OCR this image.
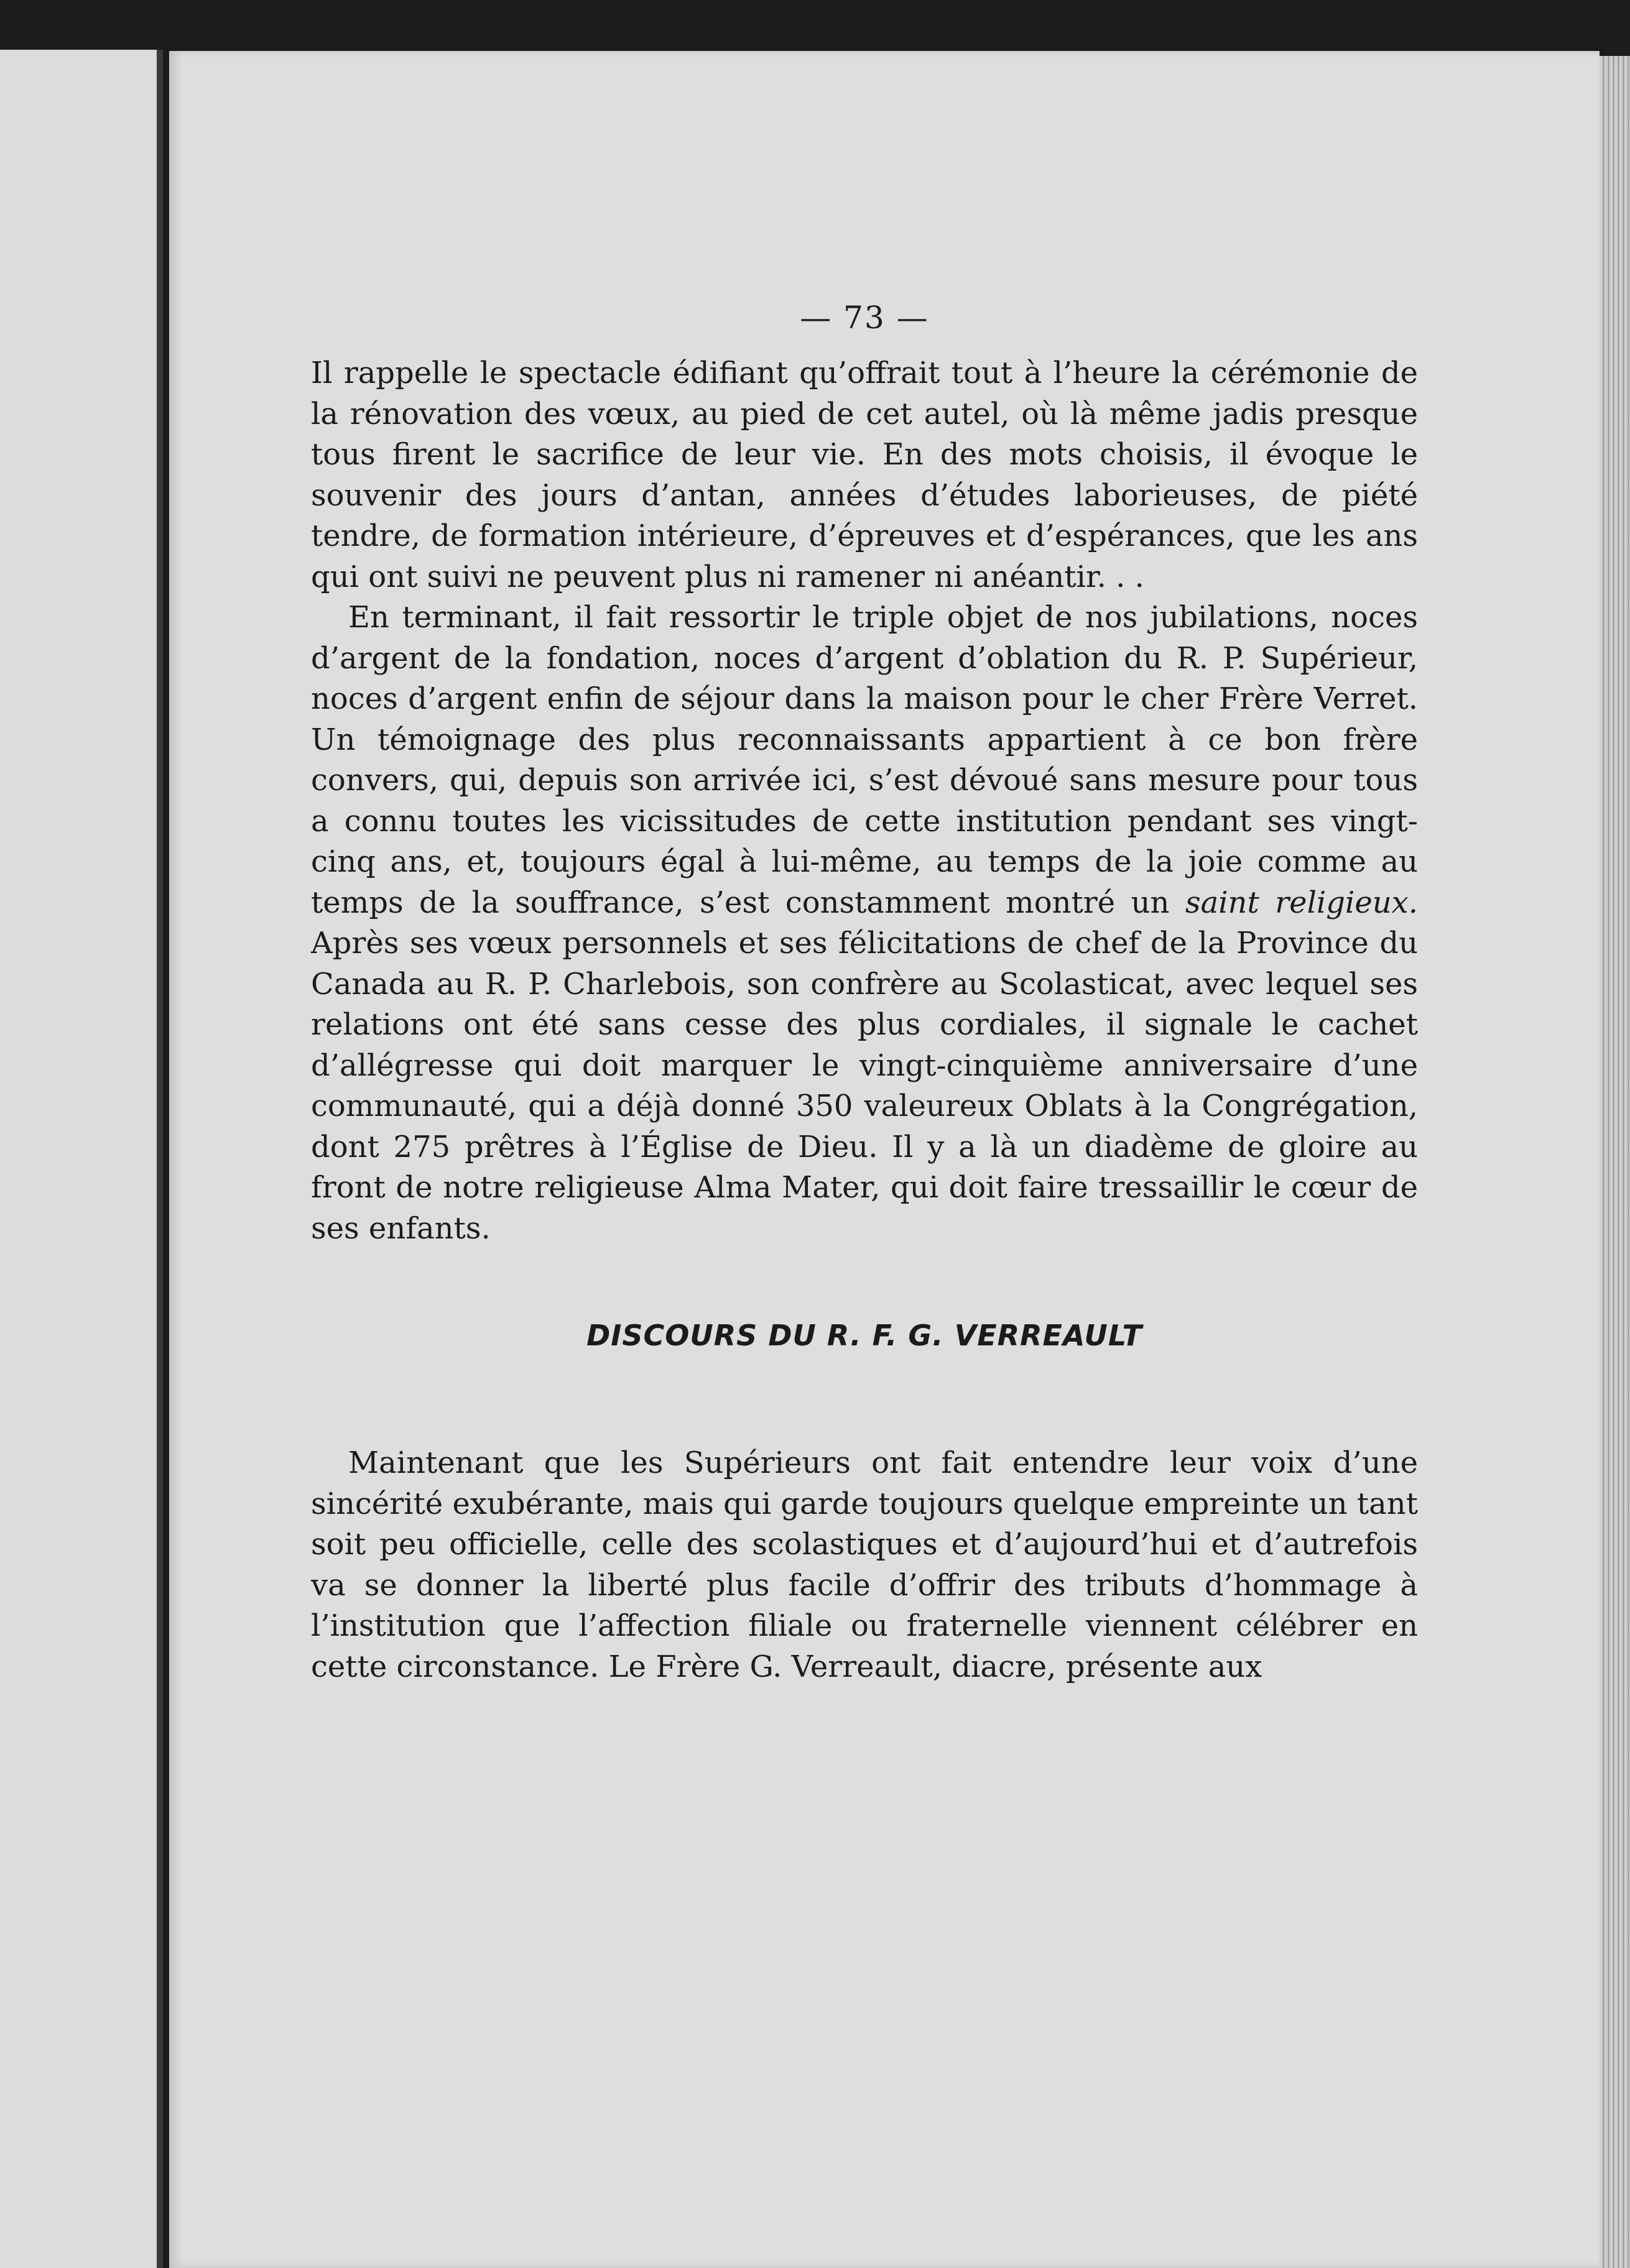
— 73 —

Il rappelle le spectacle édifiant qu’offrait tout à l’heure la cérémonie de la rénovation des vœux, au pied de cet autel, où là même jadis presque tous firent le sacrifice de leur vie. En des mots choisis, il évoque le souvenir des jours d’antan, années d’études laborieuses, de piété tendre, de formation intérieure, d’épreuves et d’espérances, que les ans qui ont suivi ne peuvent plus ni ramener ni anéantir. . .

En terminant, il fait ressortir le triple objet de nos jubilations, noces d’argent de la fondation, noces d’argent d’oblation du R. P. Supérieur, noces d’argent enfin de séjour dans la maison pour le cher Frère Verret. Un témoignage des plus reconnaissants appartient à ce bon frère convers, qui, depuis son arrivée ici, s’est dévoué sans mesure pour tous a connu toutes les vicissitudes de cette institution pendant ses vingt-cinq ans, et, toujours égal à lui-même, au temps de la joie comme au temps de la souffrance, s’est constamment montré un saint religieux. Après ses vœux personnels et ses félicitations de chef de la Province du Canada au R. P. Charlebois, son confrère au Scolasticat, avec lequel ses relations ont été sans cesse des plus cordiales, il signale le cachet d’allégresse qui doit marquer le vingt-cinquième anniversaire d’une communauté, qui a déjà donné 350 valeureux Oblats à la Congrégation, dont 275 prêtres à l’Église de Dieu. Il y a là un diadème de gloire au front de notre religieuse Alma Mater, qui doit faire tressaillir le cœur de ses enfants.

DISCOURS DU R. F. G. VERREAULT

Maintenant que les Supérieurs ont fait entendre leur voix d’une sincérité exubérante, mais qui garde toujours quelque empreinte un tant soit peu officielle, celle des scolastiques et d’aujourd’hui et d’autrefois va se donner la liberté plus facile d’offrir des tributs d’hommage à l’institution que l’affection filiale ou fraternelle viennent célébrer en cette circonstance. Le Frère G. Verreault, diacre, présente aux
